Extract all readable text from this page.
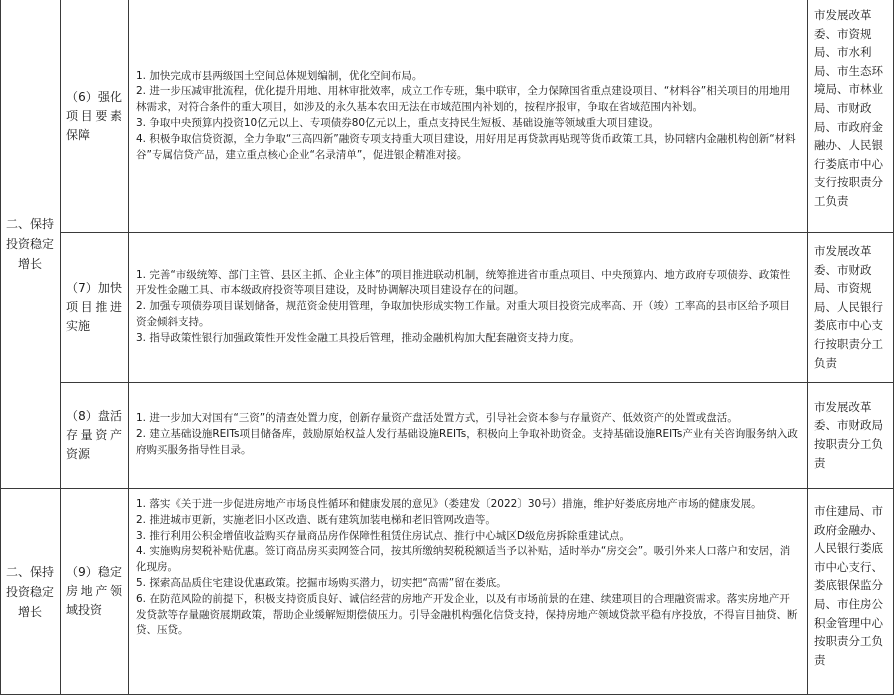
二、保持投资稳定增长
（6）强化项目要素保障
1. 加快完成市县两级国土空间总体规划编制，优化空间布局。
2. 进一步压减审批流程，优化提升用地、用林审批效率，成立工作专班，集中联审，全力保障国省重点建设项目、“材料谷”相关项目的用地用林需求，对符合条件的重大项目，如涉及的永久基本农田无法在市域范围内补划的，按程序报审，争取在省域范围内补划。
3. 争取中央预算内投资10亿元以上、专项债券80亿元以上，重点支持民生短板、基础设施等领域重大项目建设。
4. 积极争取信贷资源，全力争取“三高四新”融资专项支持重大项目建设，用好用足再贷款再贴现等货币政策工具，协同辖内金融机构创新“材料谷”专属信贷产品，建立重点核心企业“名录清单”，促进银企精准对接。
市发展改革委、市资规局、市水利局、市生态环境局、市林业局、市财政局、市政府金融办、人民银行娄底市中心支行按职责分工负责
（7）加快项目推进实施
1. 完善“市级统筹、部门主管、县区主抓、企业主体”的项目推进联动机制，统筹推进省市重点项目、中央预算内、地方政府专项债券、政策性开发性金融工具、市本级政府投资等项目建设，及时协调解决项目建设存在的问题。
2. 加强专项债券项目谋划储备，规范资金使用管理，争取加快形成实物工作量。对重大项目投资完成率高、开（竣）工率高的县市区给予项目资金倾斜支持。
3. 指导政策性银行加强政策性开发性金融工具投后管理，推动金融机构加大配套融资支持力度。
市发展改革委、市财政局、市资规局、人民银行娄底市中心支行按职责分工负责
（8）盘活存量资产资源
1. 进一步加大对国有“三资”的清查处置力度，创新存量资产盘活处置方式，引导社会资本参与存量资产、低效资产的处置或盘活。
2. 建立基础设施REITs项目储备库，鼓励原始权益人发行基础设施REITs，积极向上争取补助资金。支持基础设施REITs产业有关咨询服务纳入政府购买服务指导性目录。
市发展改革委、市财政局按职责分工负责
二、保持投资稳定增长
（9）稳定房地产领域投资
1. 落实《关于进一步促进房地产市场良性循环和健康发展的意见》（娄建发〔2022〕30号）措施，维护好娄底房地产市场的健康发展。
2. 推进城市更新，实施老旧小区改造、既有建筑加装电梯和老旧管网改造等。
3. 推行利用公积金增值收益购买存量商品房作保障性租赁住房试点、推行中心城区D级危房拆除重建试点。
4. 实施购房契税补贴优惠。签订商品房买卖网签合同，按其所缴纳契税税额适当予以补贴，适时举办“房交会”。吸引外来人口落户和安居，消化现房。
5. 探索高品质住宅建设优惠政策。挖掘市场购买潜力，切实把“高需”留在娄底。
6. 在防范风险的前提下，积极支持资质良好、诚信经营的房地产开发企业，以及有市场前景的在建、续建项目的合理融资需求。落实房地产开发贷款等存量融资展期政策，帮助企业缓解短期偿债压力。引导金融机构强化信贷支持，保持房地产领域贷款平稳有序投放，不得盲目抽贷、断贷、压贷。
市住建局、市政府金融办、人民银行娄底市中心支行、娄底银保监分局、市住房公积金管理中心按职责分工负责
